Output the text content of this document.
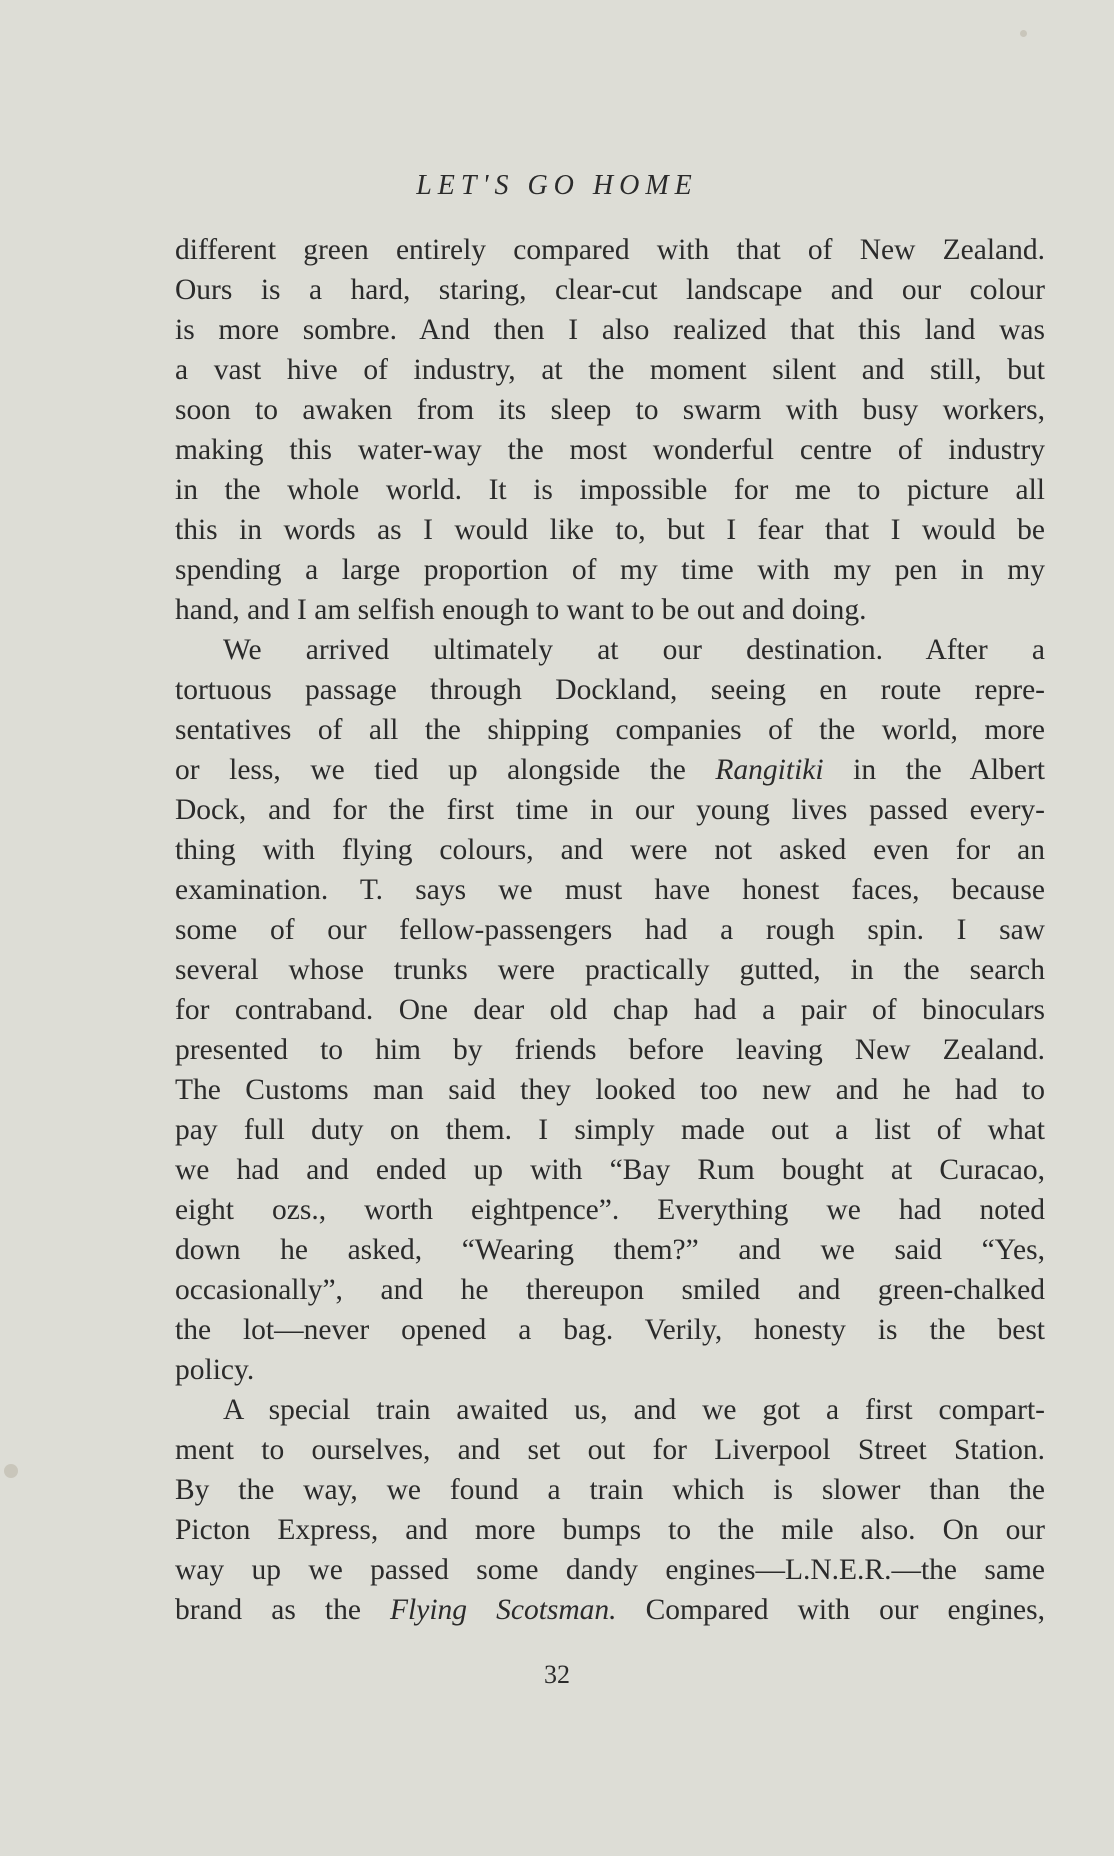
LET'S GO HOME
different green entirely compared with that of New Zealand.
Ours is a hard, staring, clear-cut landscape and our colour
is more sombre. And then I also realized that this land was
a vast hive of industry, at the moment silent and still, but
soon to awaken from its sleep to swarm with busy workers,
making this water-way the most wonderful centre of industry
in the whole world. It is impossible for me to picture all
this in words as I would like to, but I fear that I would be
spending a large proportion of my time with my pen in my
hand, and I am selfish enough to want to be out and doing.
We arrived ultimately at our destination. After a
tortuous passage through Dockland, seeing en route repre-
sentatives of all the shipping companies of the world, more
or less, we tied up alongside the Rangitiki in the Albert
Dock, and for the first time in our young lives passed every-
thing with flying colours, and were not asked even for an
examination. T. says we must have honest faces, because
some of our fellow-passengers had a rough spin. I saw
several whose trunks were practically gutted, in the search
for contraband. One dear old chap had a pair of binoculars
presented to him by friends before leaving New Zealand.
The Customs man said they looked too new and he had to
pay full duty on them. I simply made out a list of what
we had and ended up with “Bay Rum bought at Curacao,
eight ozs., worth eightpence”. Everything we had noted
down he asked, “Wearing them?” and we said “Yes,
occasionally”, and he thereupon smiled and green-chalked
the lot—never opened a bag. Verily, honesty is the best
policy.
A special train awaited us, and we got a first compart-
ment to ourselves, and set out for Liverpool Street Station.
By the way, we found a train which is slower than the
Picton Express, and more bumps to the mile also. On our
way up we passed some dandy engines—L.N.E.R.—the same
brand as the Flying Scotsman. Compared with our engines,
32
